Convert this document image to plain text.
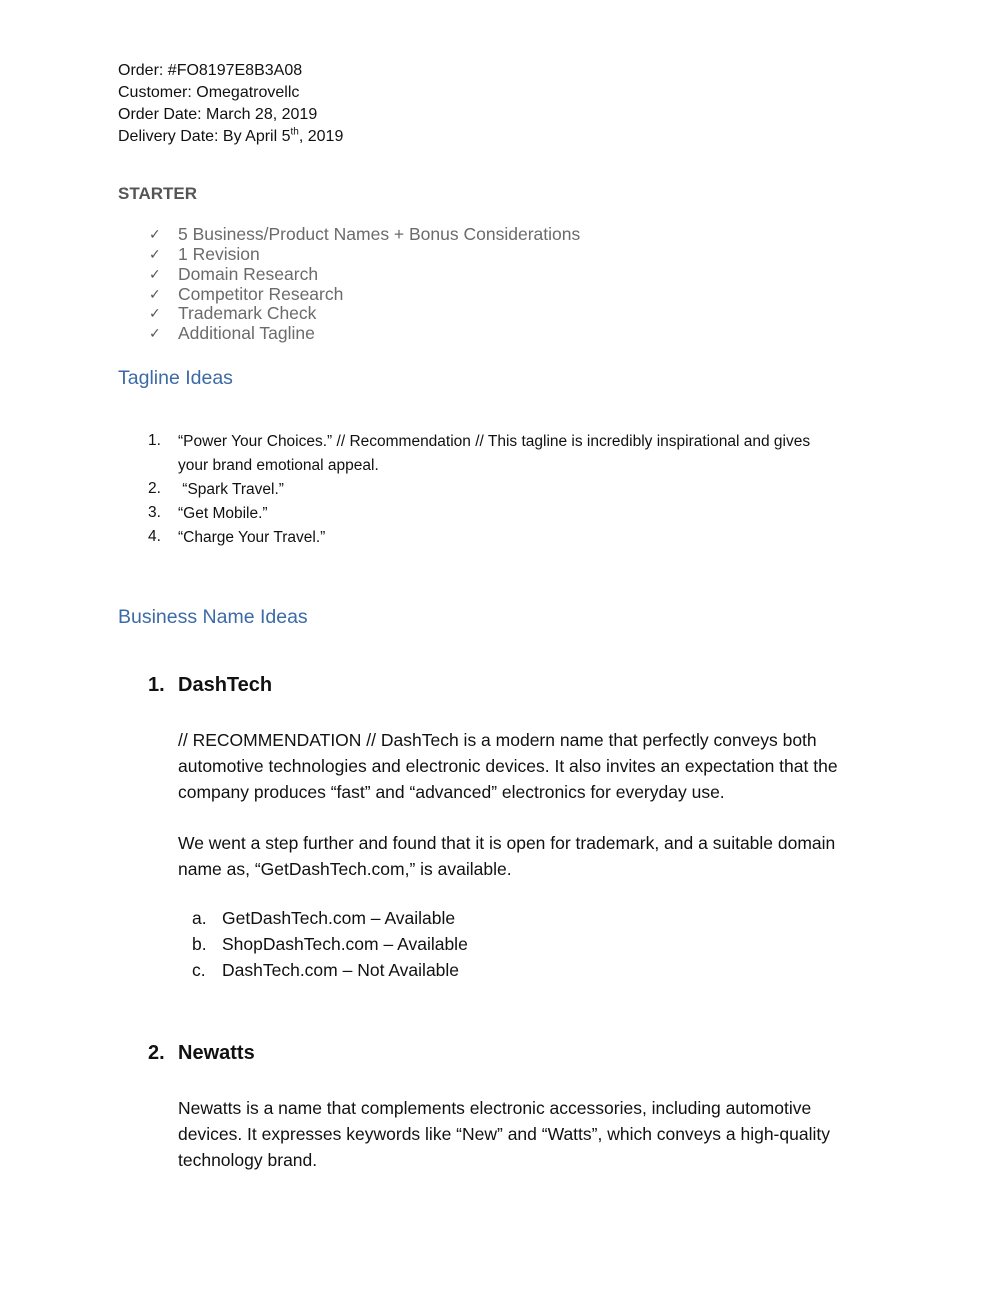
Order: #FO8197E8B3A08
Customer: Omegatrovellc
Order Date: March 28, 2019
Delivery Date: By April 5th, 2019
STARTER
✓ 5 Business/Product Names + Bonus Considerations
✓ 1 Revision
✓ Domain Research
✓ Competitor Research
✓ Trademark Check
✓ Additional Tagline
Tagline Ideas
1. “Power Your Choices.” // Recommendation // This tagline is incredibly inspirational and gives
your brand emotional appeal.
2. “Spark Travel.”
3. “Get Mobile.”
4. “Charge Your Travel.”
Business Name Ideas
1. DashTech
// RECOMMENDATION // DashTech is a modern name that perfectly conveys both automotive technologies and electronic devices. It also invites an expectation that the company produces “fast” and “advanced” electronics for everyday use.
We went a step further and found that it is open for trademark, and a suitable domain name as, “GetDashTech.com,” is available.
a. GetDashTech.com – Available
b. ShopDashTech.com – Available
c. DashTech.com – Not Available
2. Newatts
Newatts is a name that complements electronic accessories, including automotive devices. It expresses keywords like “New” and “Watts”, which conveys a high-quality technology brand.
